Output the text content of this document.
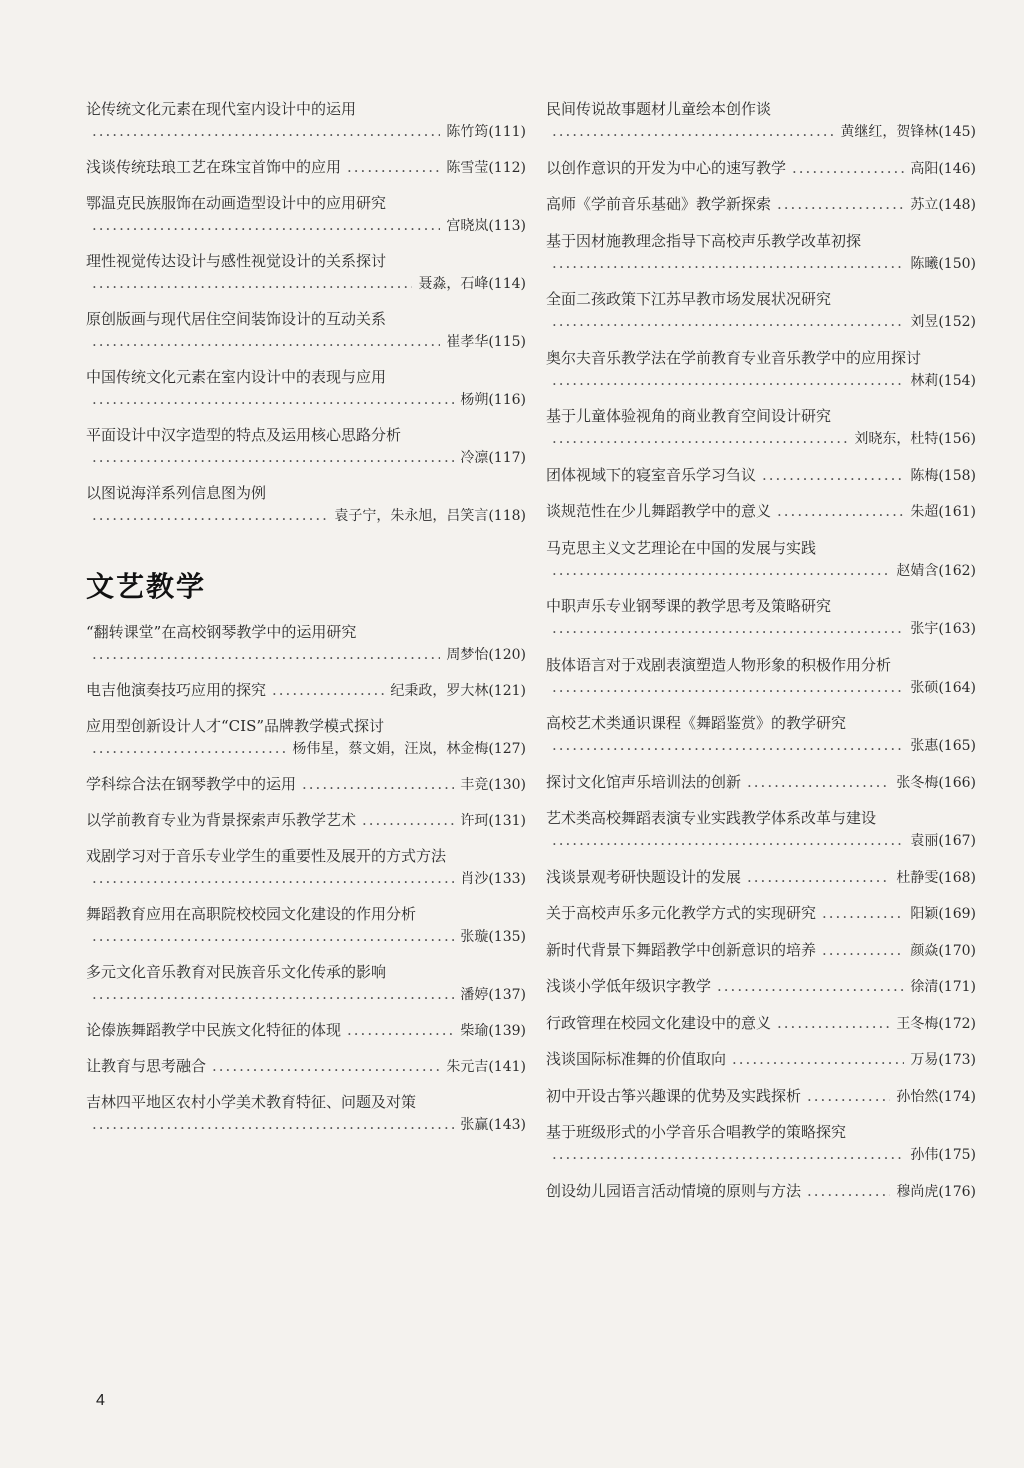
论传统文化元素在现代室内设计中的运用
.....
陈竹筠(111)
浅谈传统珐琅工艺在珠宝首饰中的应用 .....	陈雪莹(112)
鄂温克民族服饰在动画造型设计中的应用研究
.....
宫晓岚(113)
理性视觉传达设计与感性视觉设计的关系探讨
.....
聂淼，石峰(114)
原创版画与现代居住空间装饰设计的互动关系
.....
崔孝华(115)
中国传统文化元素在室内设计中的表现与应用
.....
杨朔(116)
平面设计中汉字造型的特点及运用核心思路分析
.....
冷凛(117)
以图说海洋系列信息图为例
.....
袁子宁，朱永旭，吕笑言(118)
文艺教学
“翻转课堂”在高校钢琴教学中的运用研究
.....
周梦怡(120)
电吉他演奏技巧应用的探究 .....	纪秉政，罗大林(121)
应用型创新设计人才“CIS”品牌教学模式探讨
.....
杨伟星，蔡文娟，汪岚，林金梅(127)
学科综合法在钢琴教学中的运用 .....	丰竞(130)
以学前教育专业为背景探索声乐教学艺术 .....	许珂(131)
戏剧学习对于音乐专业学生的重要性及展开的方式方法
.....
肖沙(133)
舞蹈教育应用在高职院校校园文化建设的作用分析
.....
张璇(135)
多元文化音乐教育对民族音乐文化传承的影响
.....
潘婷(137)
论傣族舞蹈教学中民族文化特征的体现 .....	柴瑜(139)
让教育与思考融合 .....	朱元吉(141)
吉林四平地区农村小学美术教育特征、问题及对策
.....
张赢(143)
民间传说故事题材儿童绘本创作谈
.....
黄继红，贺锋林(145)
以创作意识的开发为中心的速写教学 .....	高阳(146)
高师《学前音乐基础》教学新探索 .....	苏立(148)
基于因材施教理念指导下高校声乐教学改革初探
.....
陈曦(150)
全面二孩政策下江苏早教市场发展状况研究
.....
刘昱(152)
奥尔夫音乐教学法在学前教育专业音乐教学中的应用探讨
.....
林莉(154)
基于儿童体验视角的商业教育空间设计研究
.....
刘晓东，杜特(156)
团体视域下的寝室音乐学习刍议 .....	陈梅(158)
谈规范性在少儿舞蹈教学中的意义 .....	朱超(161)
马克思主义文艺理论在中国的发展与实践
.....
赵婧含(162)
中职声乐专业钢琴课的教学思考及策略研究
.....
张宇(163)
肢体语言对于戏剧表演塑造人物形象的积极作用分析
.....
张硕(164)
高校艺术类通识课程《舞蹈鉴赏》的教学研究
.....
张惠(165)
探讨文化馆声乐培训法的创新 .....	张冬梅(166)
艺术类高校舞蹈表演专业实践教学体系改革与建设
.....
袁丽(167)
浅谈景观考研快题设计的发展 .....	杜静雯(168)
关于高校声乐多元化教学方式的实现研究 .....	阳颖(169)
新时代背景下舞蹈教学中创新意识的培养 .....	颜焱(170)
浅谈小学低年级识字教学 .....	徐清(171)
行政管理在校园文化建设中的意义 .....	王冬梅(172)
浅谈国际标准舞的价值取向 .....	万易(173)
初中开设古筝兴趣课的优势及实践探析 .....	孙怡然(174)
基于班级形式的小学音乐合唱教学的策略探究
.....
孙伟(175)
创设幼儿园语言活动情境的原则与方法 .....	穆尚虎(176)
4
